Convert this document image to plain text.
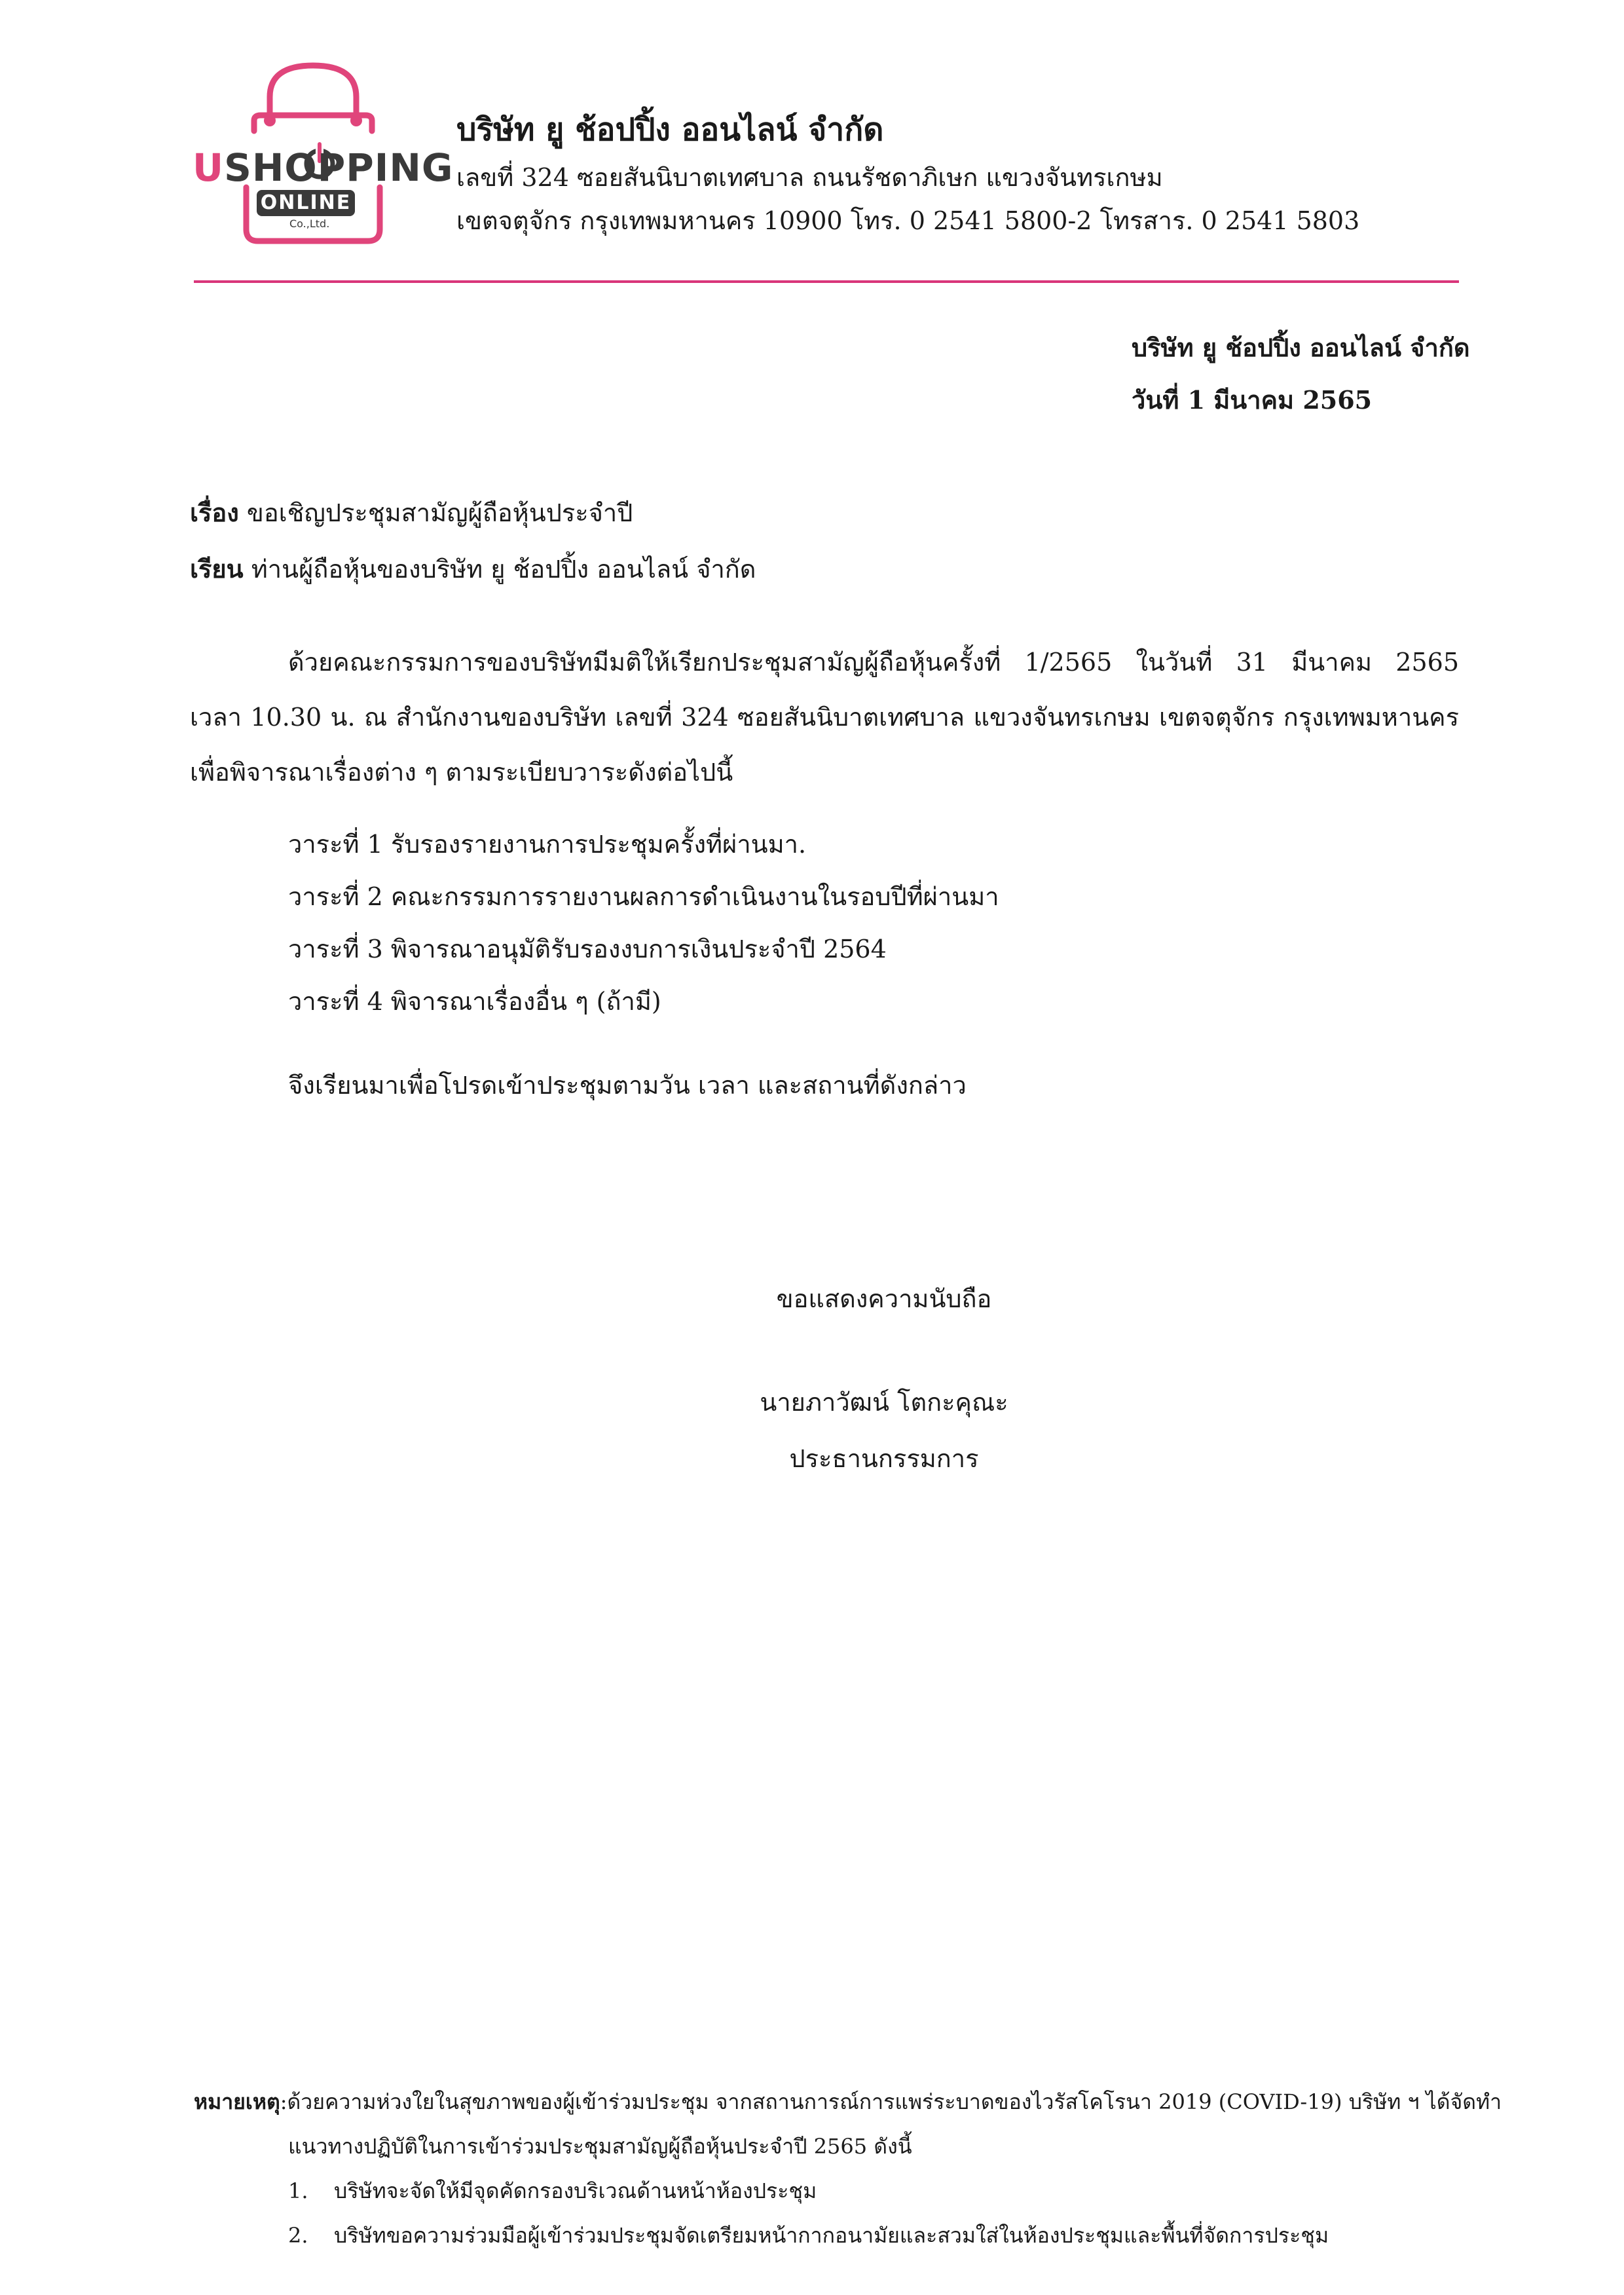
USHOPPING
ONLINE
Co.,Ltd.
บริษัท ยู ช้อปปิ้ง ออนไลน์ จำกัด
เลขที่ 324 ซอยสันนิบาตเทศบาล ถนนรัชดาภิเษก แขวงจันทรเกษม
เขตจตุจักร กรุงเทพมหานคร 10900 โทร. 0 2541 5800-2 โทรสาร. 0 2541 5803
บริษัท ยู ช้อปปิ้ง ออนไลน์ จำกัด
วันที่ 1 มีนาคม 2565
เรื่อง ขอเชิญประชุมสามัญผู้ถือหุ้นประจำปี
เรียน ท่านผู้ถือหุ้นของบริษัท ยู ช้อปปิ้ง ออนไลน์ จำกัด
ด้วยคณะกรรมการของบริษัทมีมติให้เรียกประชุมสามัญผู้ถือหุ้นครั้งที่ 1/2565 ในวันที่ 31 มีนาคม 2565
เวลา 10.30 น. ณ สำนักงานของบริษัท เลขที่ 324 ซอยสันนิบาตเทศบาล แขวงจันทรเกษม เขตจตุจักร กรุงเทพมหานคร
เพื่อพิจารณาเรื่องต่าง ๆ ตามระเบียบวาระดังต่อไปนี้
วาระที่ 1 รับรองรายงานการประชุมครั้งที่ผ่านมา.
วาระที่ 2 คณะกรรมการรายงานผลการดำเนินงานในรอบปีที่ผ่านมา
วาระที่ 3 พิจารณาอนุมัติรับรองงบการเงินประจำปี 2564
วาระที่ 4 พิจารณาเรื่องอื่น ๆ (ถ้ามี)
จึงเรียนมาเพื่อโปรดเข้าประชุมตามวัน เวลา และสถานที่ดังกล่าว
ขอแสดงความนับถือ
นายภาวัฒน์ โตกะคุณะ
ประธานกรรมการ
หมายเหตุ:ด้วยความห่วงใยในสุขภาพของผู้เข้าร่วมประชุม จากสถานการณ์การแพร่ระบาดของไวรัสโคโรนา 2019 (COVID-19) บริษัท ฯ ได้จัดทำ
แนวทางปฏิบัติในการเข้าร่วมประชุมสามัญผู้ถือหุ้นประจำปี 2565 ดังนี้
1. บริษัทจะจัดให้มีจุดคัดกรองบริเวณด้านหน้าห้องประชุม
2. บริษัทขอความร่วมมือผู้เข้าร่วมประชุมจัดเตรียมหน้ากากอนามัยและสวมใส่ในห้องประชุมและพื้นที่จัดการประชุม
